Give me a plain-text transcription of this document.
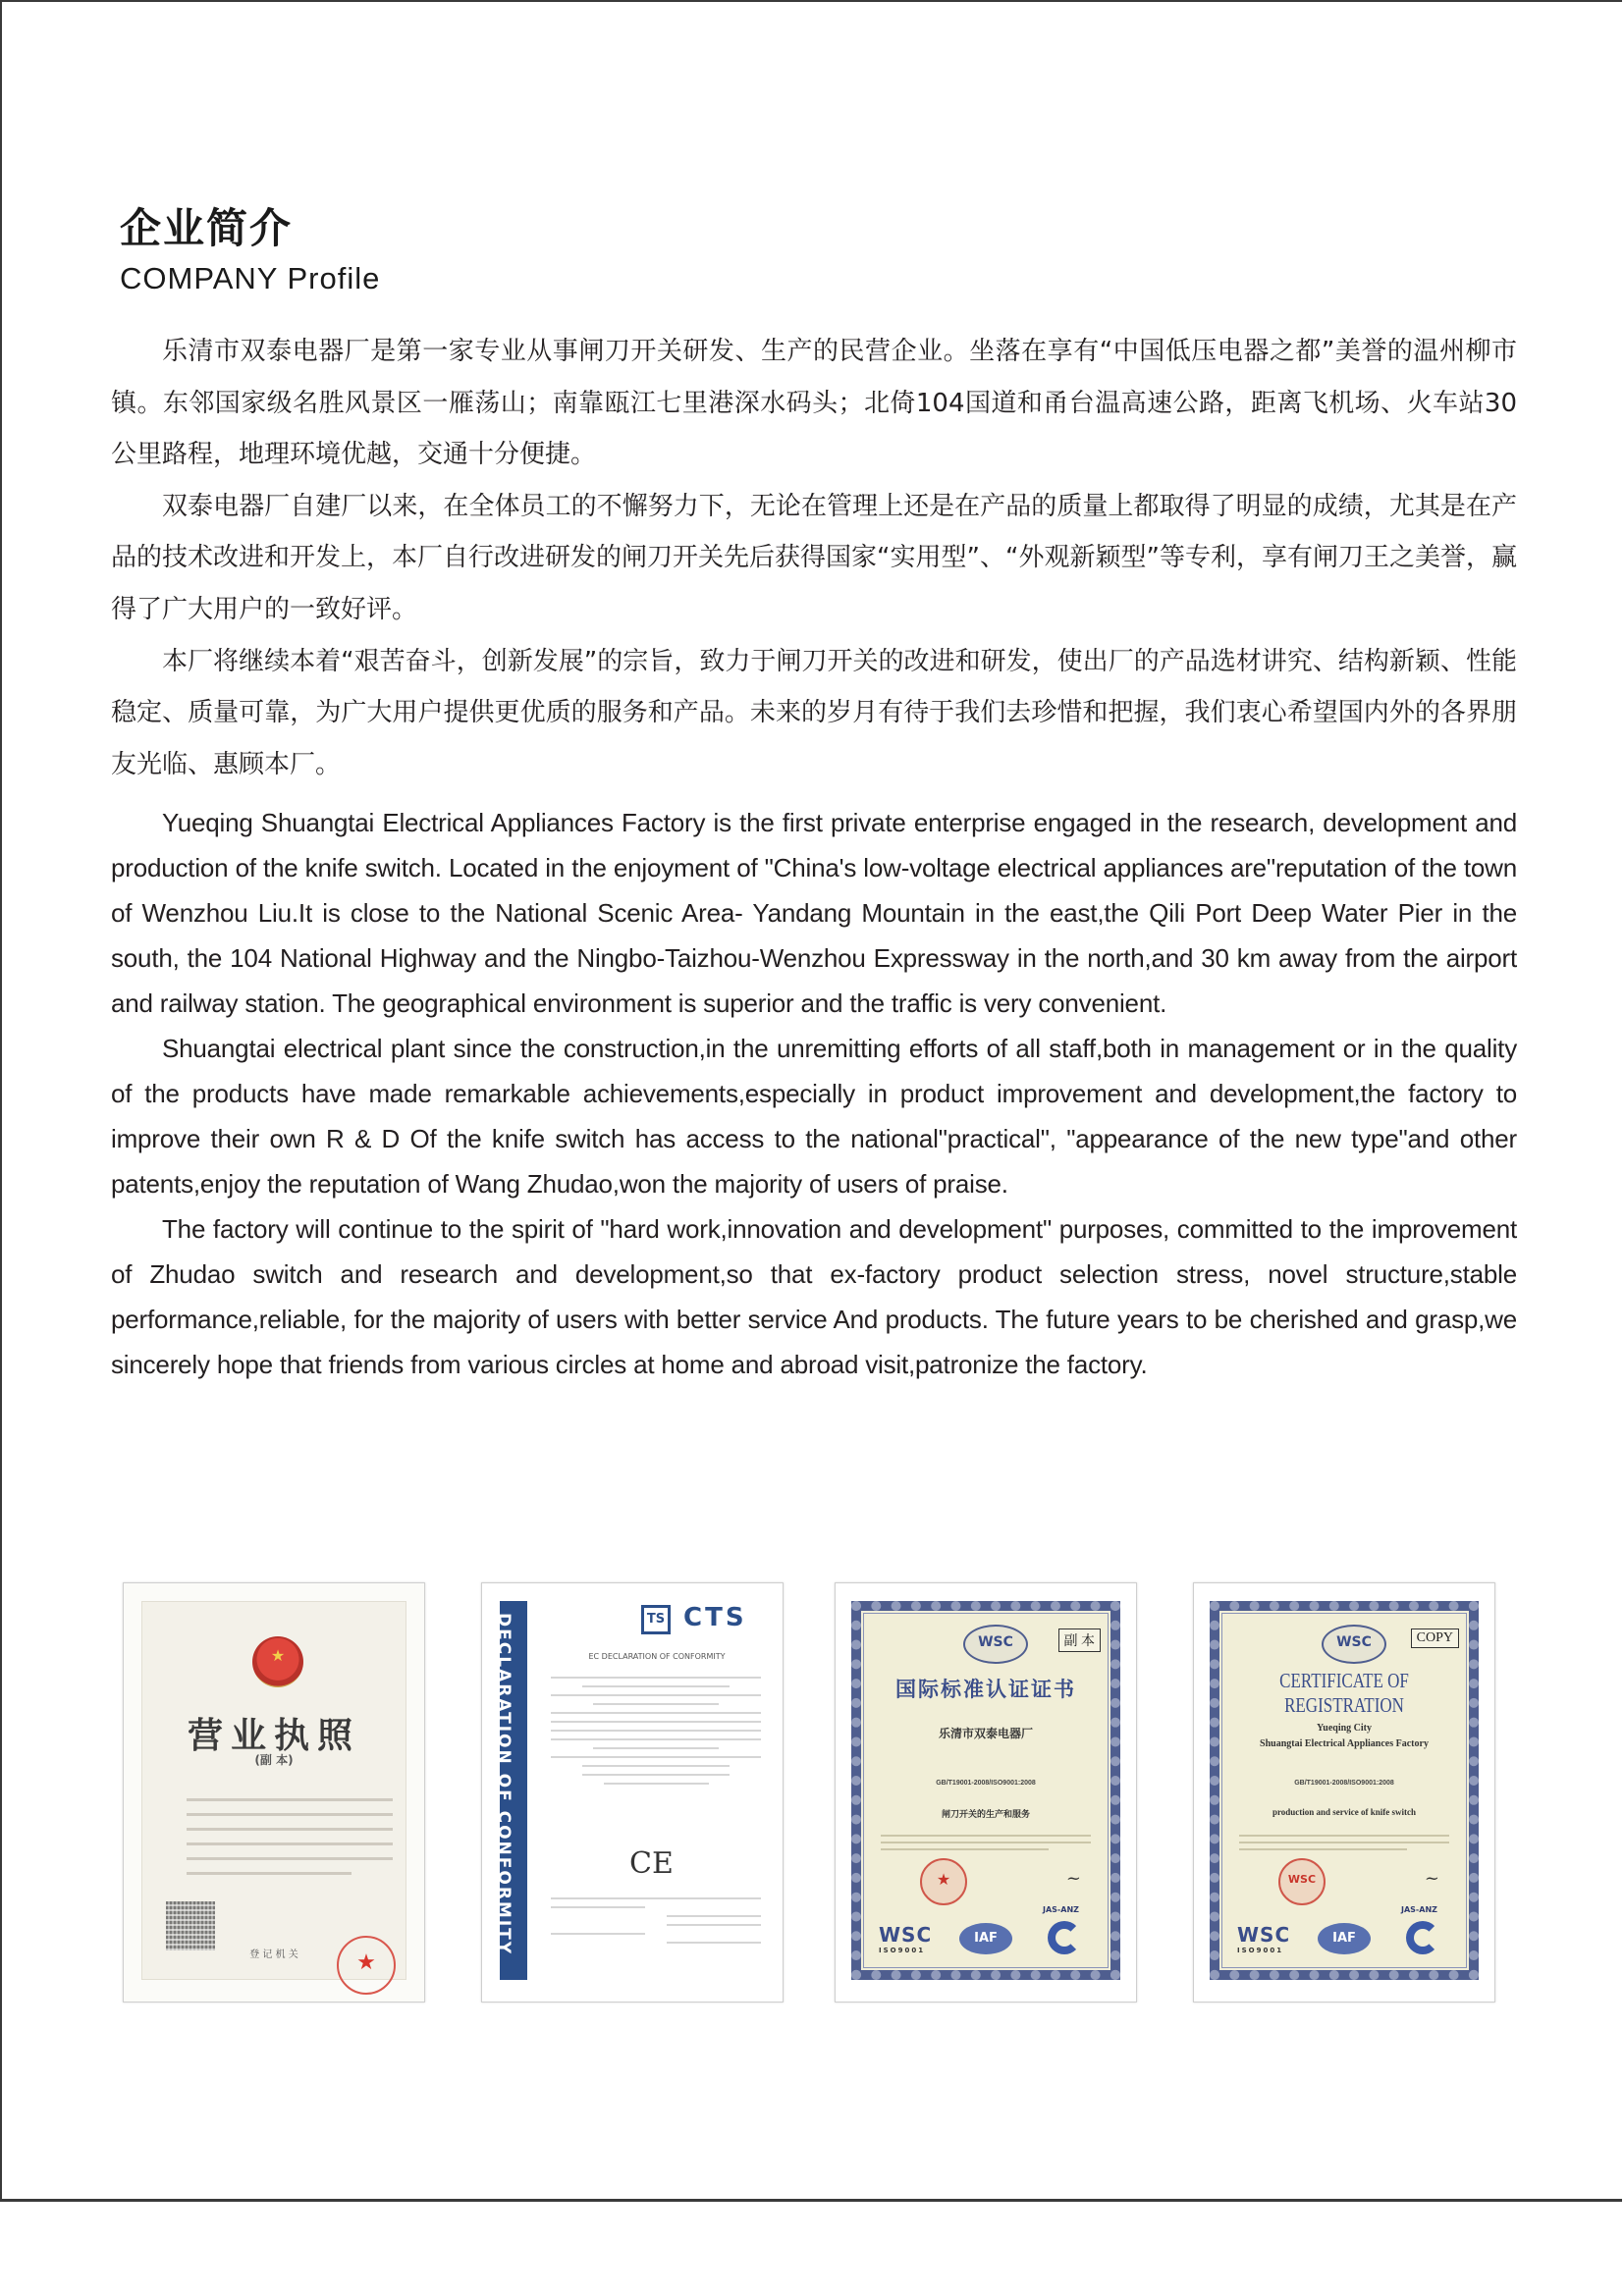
企业简介
COMPANY Profile

乐清市双泰电器厂是第一家专业从事闸刀开关研发、生产的民营企业。坐落在享有“中国低压电器之都”美誉的温州柳市镇。东邻国家级名胜风景区一雁荡山；南靠瓯江七里港深水码头；北倚104国道和甬台温高速公路，距离飞机场、火车站30公里路程，地理环境优越，交通十分便捷。

双泰电器厂自建厂以来，在全体员工的不懈努力下，无论在管理上还是在产品的质量上都取得了明显的成绩，尤其是在产品的技术改进和开发上，本厂自行改进研发的闸刀开关先后获得国家“实用型”、“外观新颖型”等专利，享有闸刀王之美誉，赢得了广大用户的一致好评。

本厂将继续本着“艰苦奋斗，创新发展”的宗旨，致力于闸刀开关的改进和研发，使出厂的产品选材讲究、结构新颖、性能稳定、质量可靠，为广大用户提供更优质的服务和产品。未来的岁月有待于我们去珍惜和把握，我们衷心希望国内外的各界朋友光临、惠顾本厂。

Yueqing Shuangtai Electrical Appliances Factory is the first private enterprise engaged in the research, development and production of the knife switch. Located in the enjoyment of "China's low-voltage electrical appliances are"reputation of the town of Wenzhou Liu.It is close to the National Scenic Area- Yandang Mountain in the east,the Qili Port Deep Water Pier in the south, the 104 National Highway and the Ningbo-Taizhou-Wenzhou Expressway in the north,and 30 km away from the airport and railway station. The geographical environment is superior and the traffic is very convenient.

Shuangtai electrical plant since the construction,in the unremitting efforts of all staff,both in management or in the quality of the products have made remarkable achievements,especially in product improvement and development,the factory to improve their own R & D Of the knife switch has access to the national"practical", "appearance of the new type"and other patents,enjoy the reputation of Wang Zhudao,won the majority of users of praise.

The factory will continue to the spirit of "hard work,innovation and development" purposes, committed to the improvement of Zhudao switch and research and development,so that ex-factory product selection stress, novel structure,stable performance,reliable, for the majority of users with better service And products. The future years to be cherished and grasp,we sincerely hope that friends from various circles at home and abroad visit,patronize the factory.

★
营业执照
(副 本)
登 记 机 关	★
DECLARATION OF CONFORMITY	TS CTS
EC DECLARATION OF CONFORMITY
CE
WSC	副 本
国际标准认证证书
乐清市双泰电器厂
GB/T19001-2008/ISO9001:2008
闸刀开关的生产和服务
★	~
WSC
ISO9001
IAF
JAS-ANZ
WSC	COPY
CERTIFICATE OF REGISTRATION
Yueqing City
Shuangtai Electrical Appliances Factory
GB/T19001-2008/ISO9001:2008
production and service of knife switch
WSC	~
WSC
ISO9001
IAF
JAS-ANZ
